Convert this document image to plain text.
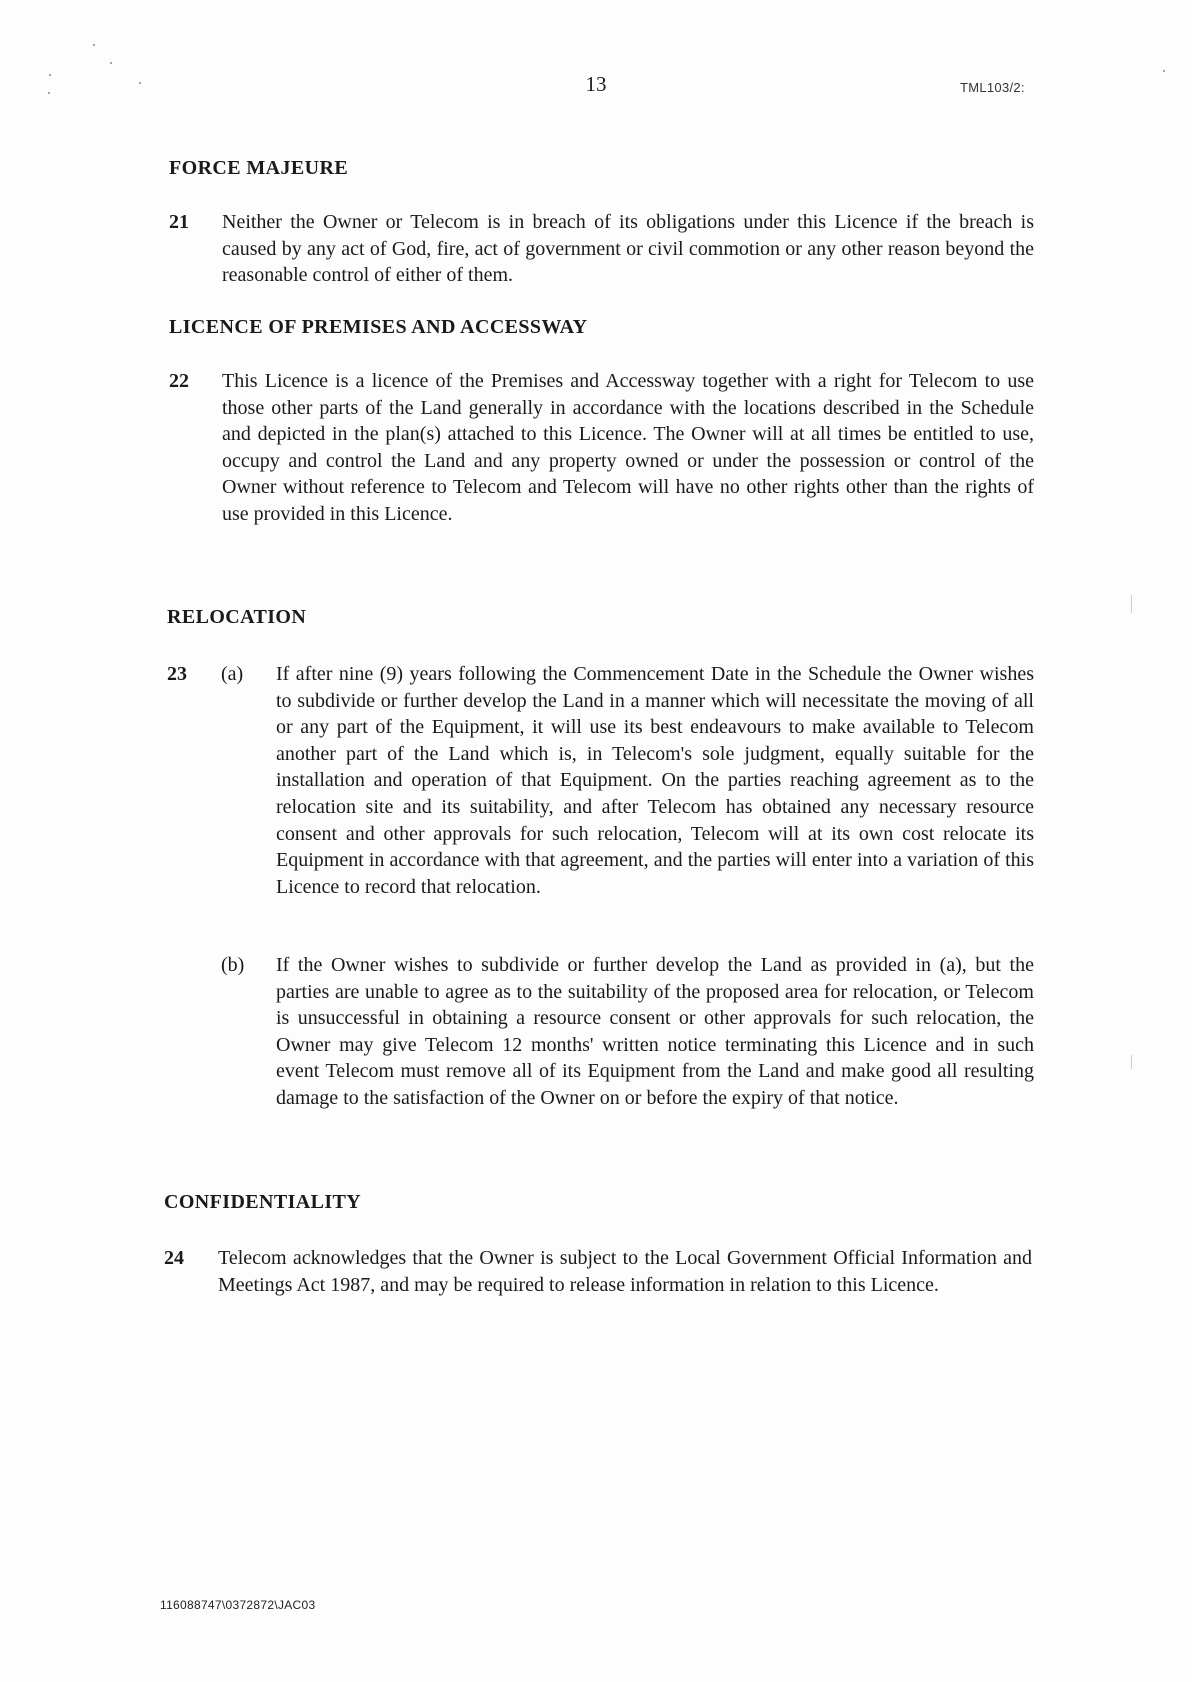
13	TML103/2:
FORCE MAJEURE
21 Neither the Owner or Telecom is in breach of its obligations under this Licence if the breach is caused by any act of God, fire, act of government or civil commotion or any other reason beyond the reasonable control of either of them.

LICENCE OF PREMISES AND ACCESSWAY
22 This Licence is a licence of the Premises and Accessway together with a right for Telecom to use those other parts of the Land generally in accordance with the locations described in the Schedule and depicted in the plan(s) attached to this Licence. The Owner will at all times be entitled to use, occupy and control the Land and any property owned or under the possession or control of the Owner without reference to Telecom and Telecom will have no other rights other than the rights of use provided in this Licence.

RELOCATION
23 (a) If after nine (9) years following the Commencement Date in the Schedule the Owner wishes to subdivide or further develop the Land in a manner which will necessitate the moving of all or any part of the Equipment, it will use its best endeavours to make available to Telecom another part of the Land which is, in Telecom's sole judgment, equally suitable for the installation and operation of that Equipment. On the parties reaching agreement as to the relocation site and its suitability, and after Telecom has obtained any necessary resource consent and other approvals for such relocation, Telecom will at its own cost relocate its Equipment in accordance with that agreement, and the parties will enter into a variation of this Licence to record that relocation.

(b) If the Owner wishes to subdivide or further develop the Land as provided in (a), but the parties are unable to agree as to the suitability of the proposed area for relocation, or Telecom is unsuccessful in obtaining a resource consent or other approvals for such relocation, the Owner may give Telecom 12 months' written notice terminating this Licence and in such event Telecom must remove all of its Equipment from the Land and make good all resulting damage to the satisfaction of the Owner on or before the expiry of that notice.

CONFIDENTIALITY
24 Telecom acknowledges that the Owner is subject to the Local Government Official Information and Meetings Act 1987, and may be required to release information in relation to this Licence.

116088747\0372872\JAC03
